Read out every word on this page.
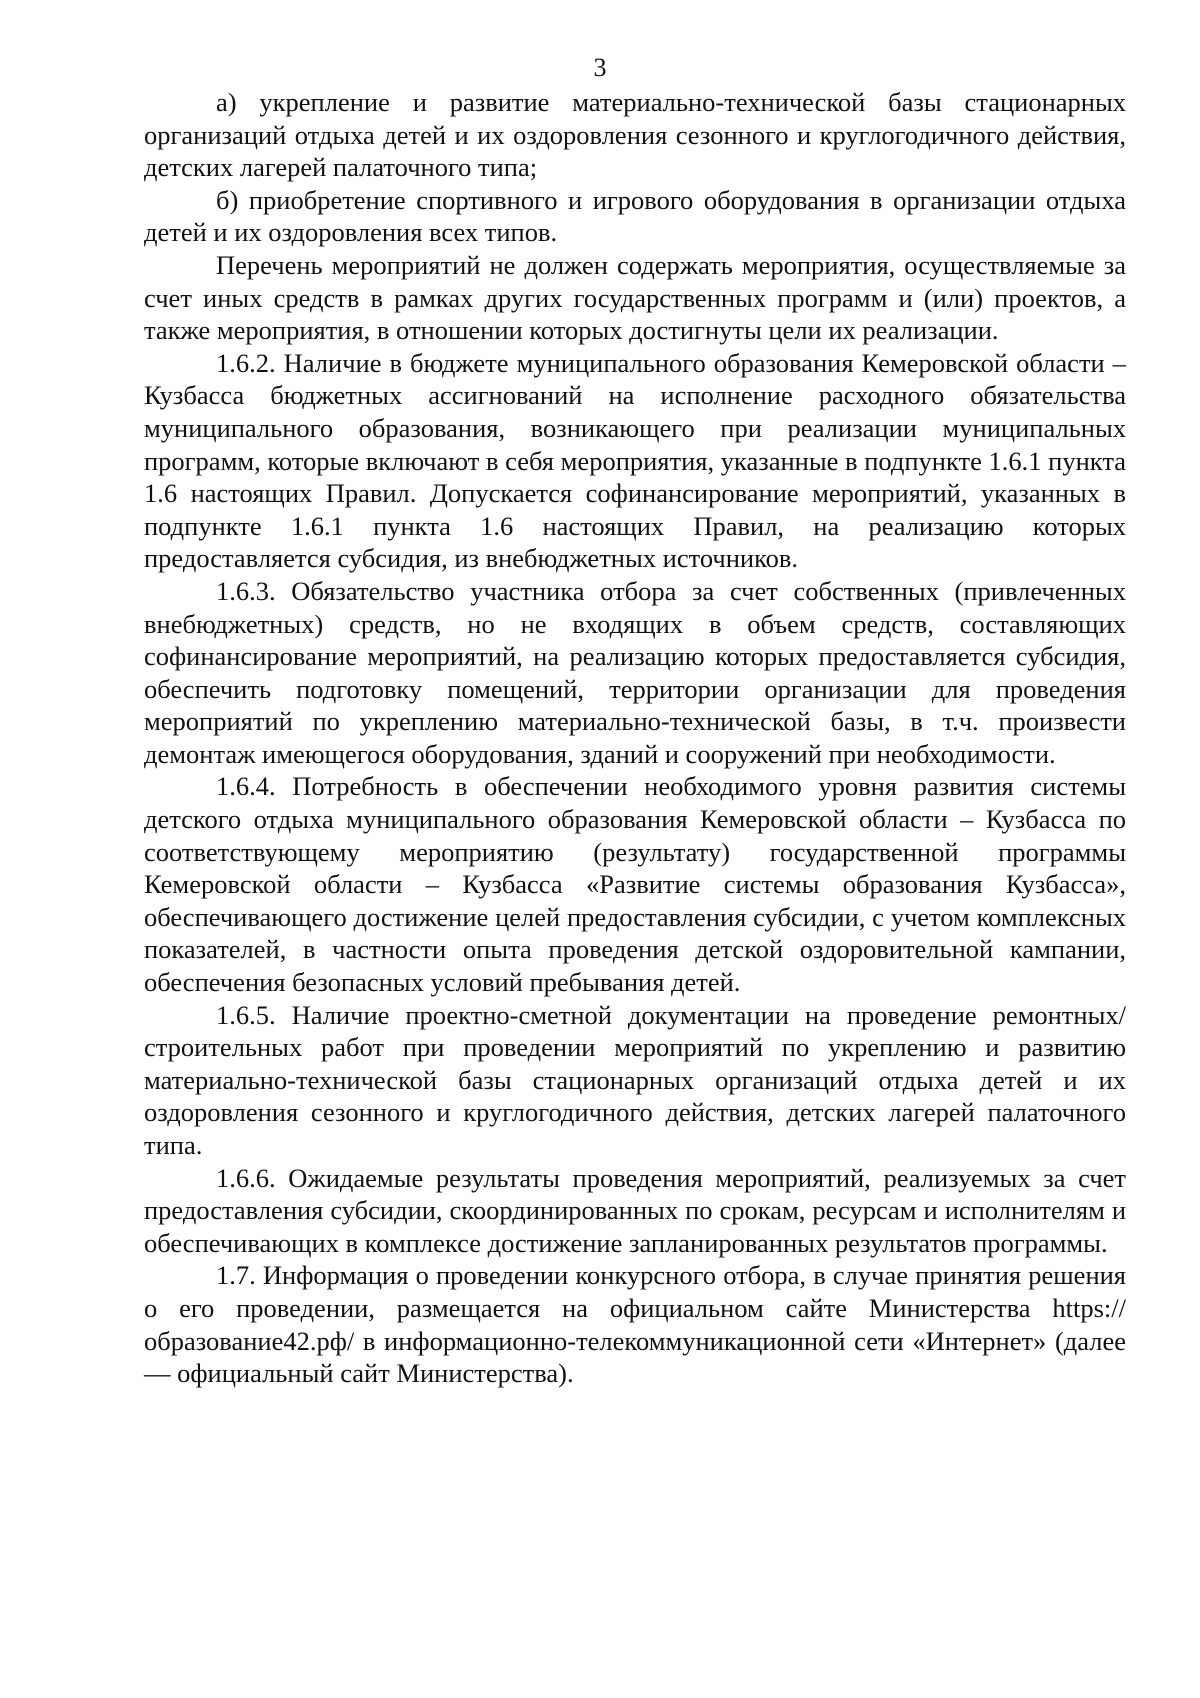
3

а) укрепление и развитие материально-технической базы стационарных организаций отдыха детей и их оздоровления сезонного и круглогодичного действия, детских лагерей палаточного типа;

б) приобретение спортивного и игрового оборудования в организации отдыха детей и их оздоровления всех типов.

Перечень мероприятий не должен содержать мероприятия, осуществляемые за счет иных средств в рамках других государственных программ и (или) проектов, а также мероприятия, в отношении которых достигнуты цели их реализации.

1.6.2. Наличие в бюджете муниципального образования Кемеровской области – Кузбасса бюджетных ассигнований на исполнение расходного обязательства муниципального образования, возникающего при реализации муниципальных программ, которые включают в себя мероприятия, указанные в подпункте 1.6.1 пункта 1.6 настоящих Правил. Допускается софинансирование мероприятий, указанных в подпункте 1.6.1 пункта 1.6 настоящих Правил, на реализацию которых предоставляется субсидия, из внебюджетных источников.

1.6.3. Обязательство участника отбора за счет собственных (привлеченных внебюджетных) средств, но не входящих в объем средств, составляющих софинансирование мероприятий, на реализацию которых предоставляется субсидия, обеспечить подготовку помещений, территории организации для проведения мероприятий по укреплению материально-технической базы, в т.ч. произвести демонтаж имеющегося оборудования, зданий и сооружений при необходимости.

1.6.4. Потребность в обеспечении необходимого уровня развития системы детского отдыха муниципального образования Кемеровской области – Кузбасса по соответствующему мероприятию (результату) государственной программы Кемеровской области – Кузбасса «Развитие системы образования Кузбасса», обеспечивающего достижение целей предоставления субсидии, с учетом комплексных показателей, в частности опыта проведения детской оздоровительной кампании, обеспечения безопасных условий пребывания детей.

1.6.5. Наличие проектно-сметной документации на проведение ремонтных/строительных работ при проведении мероприятий по укреплению и развитию материально-технической базы стационарных организаций отдыха детей и их оздоровления сезонного и круглогодичного действия, детских лагерей палаточного типа.

1.6.6. Ожидаемые результаты проведения мероприятий, реализуемых за счет предоставления субсидии, скоординированных по срокам, ресурсам и исполнителям и обеспечивающих в комплексе достижение запланированных результатов программы.

1.7. Информация о проведении конкурсного отбора, в случае принятия решения о его проведении, размещается на официальном сайте Министерства https://образование42.рф/ в информационно-телекоммуникационной сети «Интернет» (далее — официальный сайт Министерства).
